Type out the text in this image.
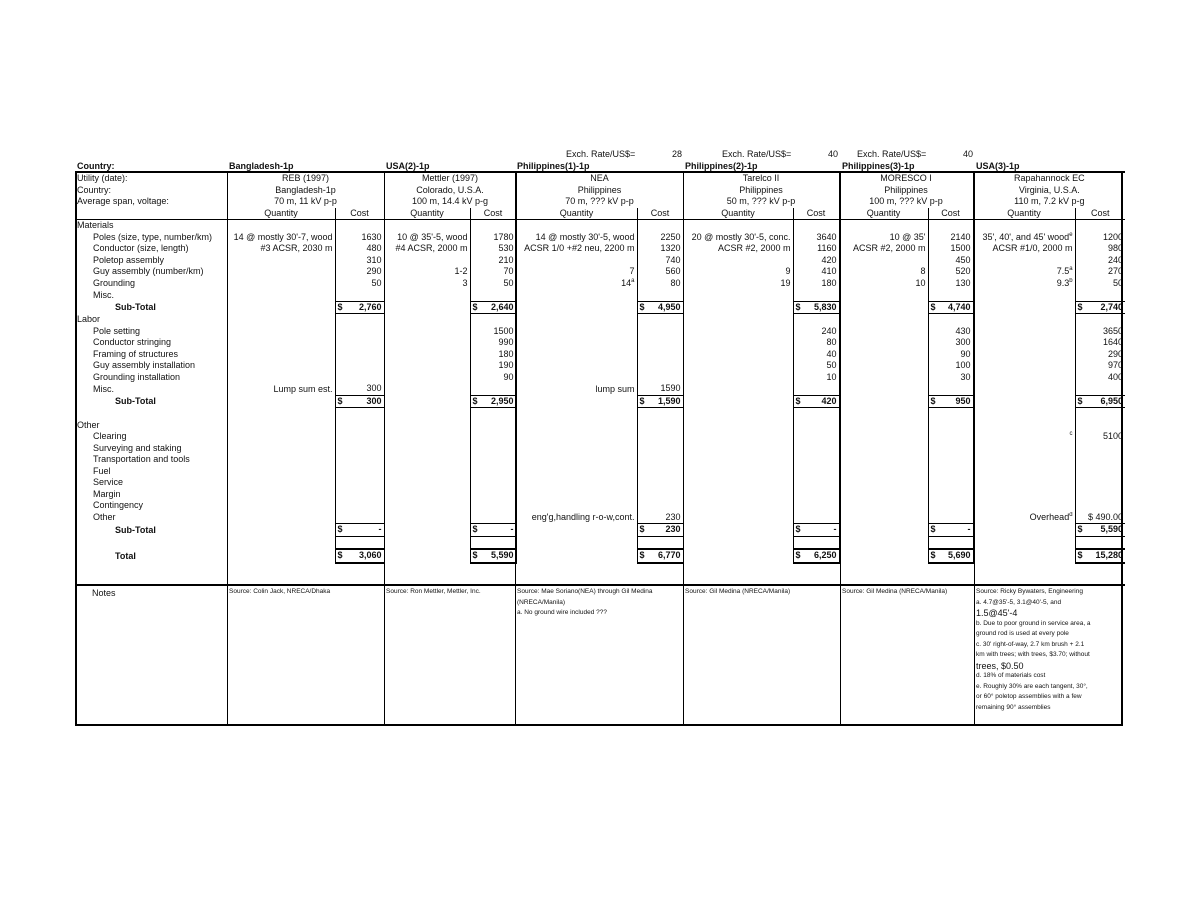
Exch. Rate/US$=	28	Exch. Rate/US$=	40 Exch. Rate/US$=	40
Country:	Bangladesh-1p	USA(2)-1p	Philippines(1)-1p	Philippines(2)-1p	Philippines(3)-1p	USA(3)-1p
Utility (date):	REB (1997)		Mettler (1997)		NEA		Tarelco II		MORESCO I		Rapahannock EC	
Country:	Bangladesh-1p		Colorado, U.S.A.		Philippines		Philippines		Philippines		Virginia, U.S.A.	
Average span, voltage:	70 m, 11 kV p-p		100 m, 14.4 kV p-g		70 m, ??? kV p-p		50 m, ??? kV p-p		100 m, ??? kV p-p		110 m, 7.2 kV p-g	
	Quantity	Cost	Quantity	Cost	Quantity	Cost	Quantity	Cost	Quantity	Cost	Quantity	Cost
Materials												
Poles (size, type, number/km)	14 @ mostly 30'-7, wood	1630	10 @ 35'-5, wood	1780	14 @ mostly 30'-5, wood	2250	20 @ mostly 30'-5, conc.	3640	10 @ 35'	2140	35', 40', and 45' wood$^e$	1200
Conductor (size, length)	#3 ACSR, 2030 m	480	#4 ACSR, 2000 m	530	ACSR 1/0 +#2 neu, 2200 m	1320	ACSR #2, 2000 m	1160	ACSR #2, 2000 m	1500	ACSR #1/0, 2000 m	980
Poletop assembly		310		210		740		420		450		240
Guy assembly (number/km)		290	1-2	70	7	560	9	410	8	520	7.5$^a$	270
Grounding		50	3	50	14$^a$	80	19	180	10	130	9.3$^b$	50
Misc.												
Sub-Total		$ 2,760		$ 2,640		$ 4,950		$ 5,830		$ 4,740		$ 2,740

Labor												
Pole setting				1500				240		430		3650
Conductor stringing				990				80		300		1640
Framing of structures				180				40		90		290
Guy assembly installation				190				50		100		970
Grounding installation				90				10		30		400
Misc.	Lump sum est.	300			lump sum	1590						
Sub-Total		$ 300		$ 2,950		$ 1,590		$ 420		$ 950		$ 6,950

Other												
Clearing											$^c$	5100
Surveying and staking												
Transportation and tools												
Fuel												
Service												
Margin												
Contingency												
Other					eng'g,handling r-o-w,cont.	230					Overhead$^d$	$ 490.00
Sub-Total		$ -		$ -		$ 230		$ -		$ -		$ 5,590

Total		$ 3,060		$ 5,590		$ 6,770		$ 6,250		$ 5,690		$ 15,280
Notes	Source: Colin Jack, NRECA/Dhaka	Source: Ron Mettler, Mettler, Inc.	Source: Mae Soriano(NEA) through Gil Medina
(NRECA/Manila)
a. No ground wire included ???
Source: Gil Medina (NRECA/Manila)	Source: Gil Medina (NRECA/Manila)	Source: Ricky Bywaters, Engineering
a. 4.7@35'-5, 3.1@40'-5, and
1.5@45'-4
b. Due to poor ground in service area, a
ground rod is used at every pole
c. 30' right-of-way, 2.7 km brush + 2.1
km with trees; with trees, $3.70; without
trees, $0.50
d. 18% of materials cost
e. Roughly 30% are each tangent, 30°,
or 60° poletop assemblies with a few
remaining 90° assemblies
